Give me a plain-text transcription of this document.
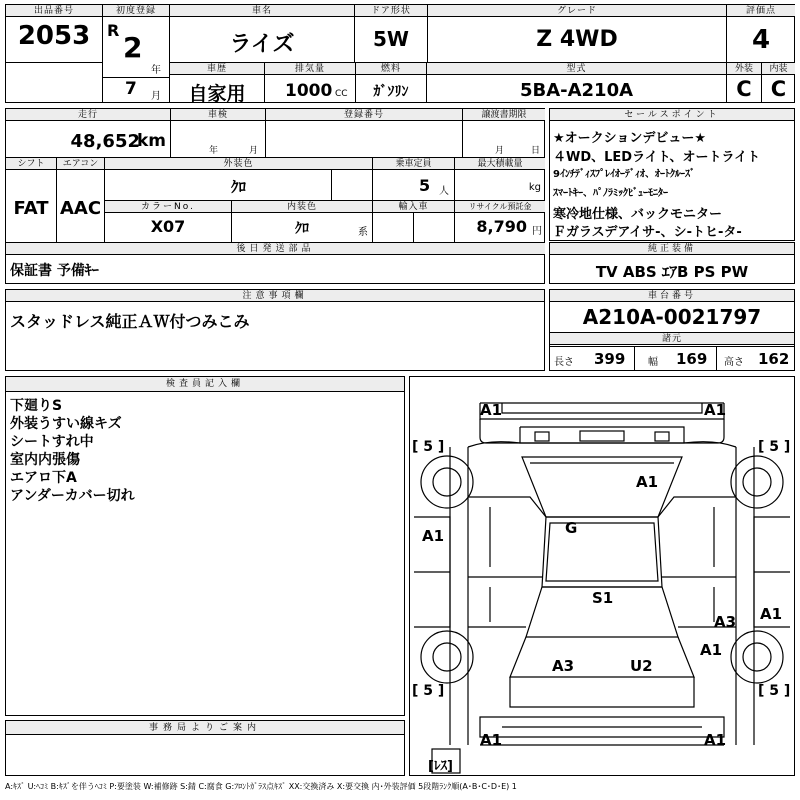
出品番号
2053
初度登録
R
2
年
7 月
車名
ライズ
ドア形状
5W
グレード
Z 4WD
評価点
4
車歴
自家用
排気量
1000 CC
燃料
ｶﾞｿﾘﾝ
型式
5BA-A210A
外装
C
内装
C
走行
48,652
km
車検
年	月
登録番号	譲渡書期限
月	日
シフト
FAT
エアコン
AAC
外装色
ｸﾛ
乗車定員
5 人
最大積載量
kg
カラーNo.
X07
内装色
ｸﾛ	系
輸入車	リサイクル預託金
8,790 円
後日発送部品
保証書 予備ｷｰ
セールスポイント
★オークションデビュー★
４WD、LEDライト、オートライト
9ｲﾝﾁﾃﾞｨｽﾌﾟﾚｲｵｰﾃﾞｨｵ、ｵｰﾄｸﾙｰｽﾞ
ｽﾏｰﾄｷｰ、ﾊﾟﾉﾗﾐｯｸﾋﾞｭｰﾓﾆﾀｰ
寒冷地仕様、バックモニター
Ｆガラスデアイサ-、シ-トヒ-タ-
純正装備
TV ABS ｴｱB PS PW
注意事項欄
スタッドレス純正ＡＷ付つみこみ
車台番号
A210A-0021797
諸元
長さ 399 幅 169 高さ 162
検査員記入欄
下廻りS
外装うすい線キズ
シートすれ中
室内内張傷
エアロ下A
アンダーカバー切れ
事務局よりご案内
A1	A1
A1
A1	G
S1
A1
A3
A1
A3	U2
A1	A1
[ 5 ]	[ 5 ]
[ 5 ]	[ 5 ]
[ﾚｽ]
A:ｷｽﾞ U:ﾍｺﾐ B:ｷｽﾞを伴うﾍｺﾐ P:要塗装 W:補修跡 S:錆 C:腐食 G:ﾌﾛﾝﾄｶﾞﾗｽ点ｷｽﾞ XX:交換済み X:要交換 内･外装評価 5段階ﾗﾝｸ順(A･B･C･D･E) 1
